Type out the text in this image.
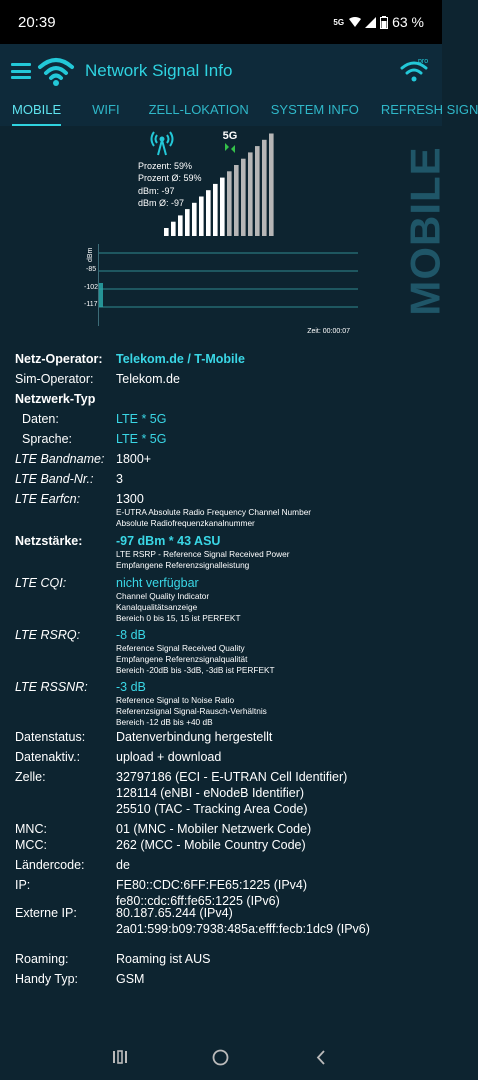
20:39	5G	63 %
Network Signal Info	pro
MOBILE WIFI ZELL-LOKATION SYSTEM INFO REFRESH SIGN
MOBILE
5G
Prozent: 59%
Prozent Ø: 59%
dBm: -97
dBm Ø: -97
dBm
-85
-102
-117
Zeit: 00:00:07
Netz-Operator: Telekom.de / T-Mobile
Sim-Operator: Telekom.de
Netzwerk-Typ
Daten:	LTE * 5G
Sprache:	LTE * 5G
LTE Bandname: 1800+
LTE Band-Nr.: 3
LTE Earfcn:	1300
E-UTRA Absolute Radio Frequency Channel Number
Absolute Radiofrequenzkanalnummer
Netzstärke:	-97 dBm * 43 ASU
LTE RSRP - Reference Signal Received Power
Empfangene Referenzsignalleistung
LTE CQI:	nicht verfügbar
Channel Quality Indicator
Kanalqualitätsanzeige
Bereich 0 bis 15, 15 ist PERFEKT
LTE RSRQ:	-8 dB
Reference Signal Received Quality
Empfangene Referenzsignalqualität
Bereich -20dB bis -3dB, -3dB ist PERFEKT
LTE RSSNR: -3 dB
Reference Signal to Noise Ratio
Referenzsignal Signal-Rausch-Verhältnis
Bereich -12 dB bis +40 dB
Datenstatus: Datenverbindung hergestellt
Datenaktiv.:	upload + download
Zelle:	32797186 (ECI - E-UTRAN Cell Identifier)
128114 (eNBI - eNodeB Identifier)
25510 (TAC - Tracking Area Code)
MNC:	01 (MNC - Mobiler Netzwerk Code)
MCC:	262 (MCC - Mobile Country Code)
Ländercode:	de
IP:	FE80::CDC:6FF:FE65:1225 (IPv4)
fe80::cdc:6ff:fe65:1225 (IPv6)
Externe IP:	80.187.65.244 (IPv4)
2a01:599:b09:7938:485a:efff:fecb:1dc9 (IPv6)
Roaming:	Roaming ist AUS
Handy Typ:	GSM
